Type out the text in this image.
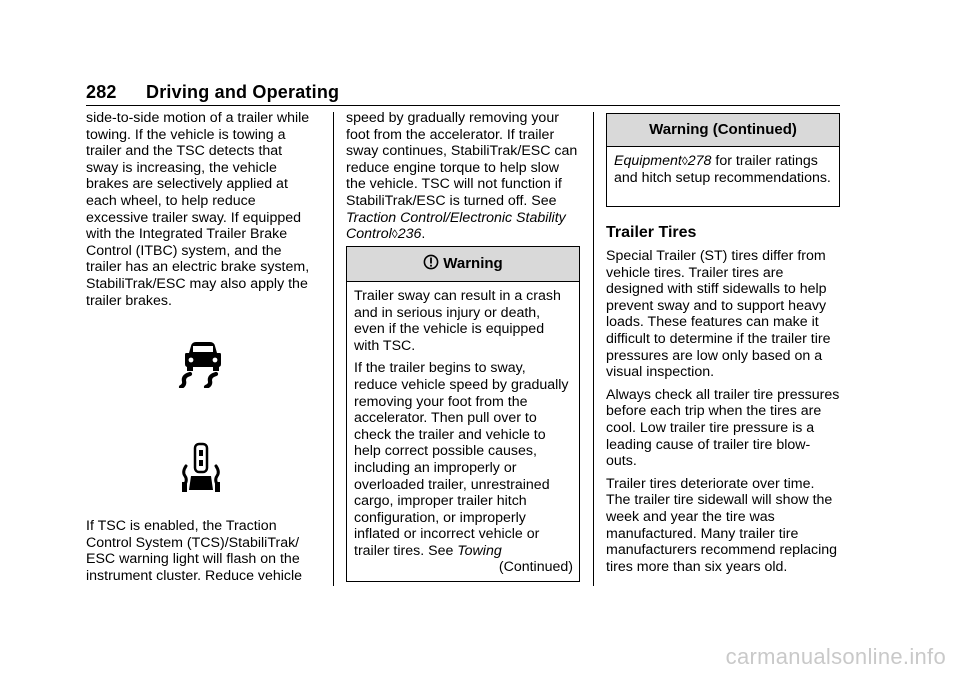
282 Driving and Operating

side-to-side motion of a trailer while towing. If the vehicle is towing a trailer and the TSC detects that sway is increasing, the vehicle brakes are selectively applied at each wheel, to help reduce excessive trailer sway. If equipped with the Integrated Trailer Brake Control (ITBC) system, and the trailer has an electric brake system, StabiliTrak/ESC may also apply the trailer brakes.

If TSC is enabled, the Traction Control System (TCS)/StabiliTrak/ ESC warning light will flash on the instrument cluster. Reduce vehicle

speed by gradually removing your foot from the accelerator. If trailer sway continues, StabiliTrak/ESC can reduce engine torque to help slow the vehicle. TSC will not function if StabiliTrak/ESC is turned off. See Traction Control/Electronic Stability Control◊236.

Warning

Trailer sway can result in a crash and in serious injury or death, even if the vehicle is equipped with TSC.

If the trailer begins to sway, reduce vehicle speed by gradually removing your foot from the accelerator. Then pull over to check the trailer and vehicle to help correct possible causes, including an improperly or overloaded trailer, unrestrained cargo, improper trailer hitch configuration, or improperly inflated or incorrect vehicle or trailer tires. See Towing

(Continued)
Warning (Continued)

Equipment◊278 for trailer ratings and hitch setup recommendations.

Trailer Tires

Special Trailer (ST) tires differ from vehicle tires. Trailer tires are designed with stiff sidewalls to help prevent sway and to support heavy loads. These features can make it difficult to determine if the trailer tire pressures are low only based on a visual inspection.

Always check all trailer tire pressures before each trip when the tires are cool. Low trailer tire pressure is a leading cause of trailer tire blow-outs.

Trailer tires deteriorate over time. The trailer tire sidewall will show the week and year the tire was manufactured. Many trailer tire manufacturers recommend replacing tires more than six years old.

carmanualsonline.info
